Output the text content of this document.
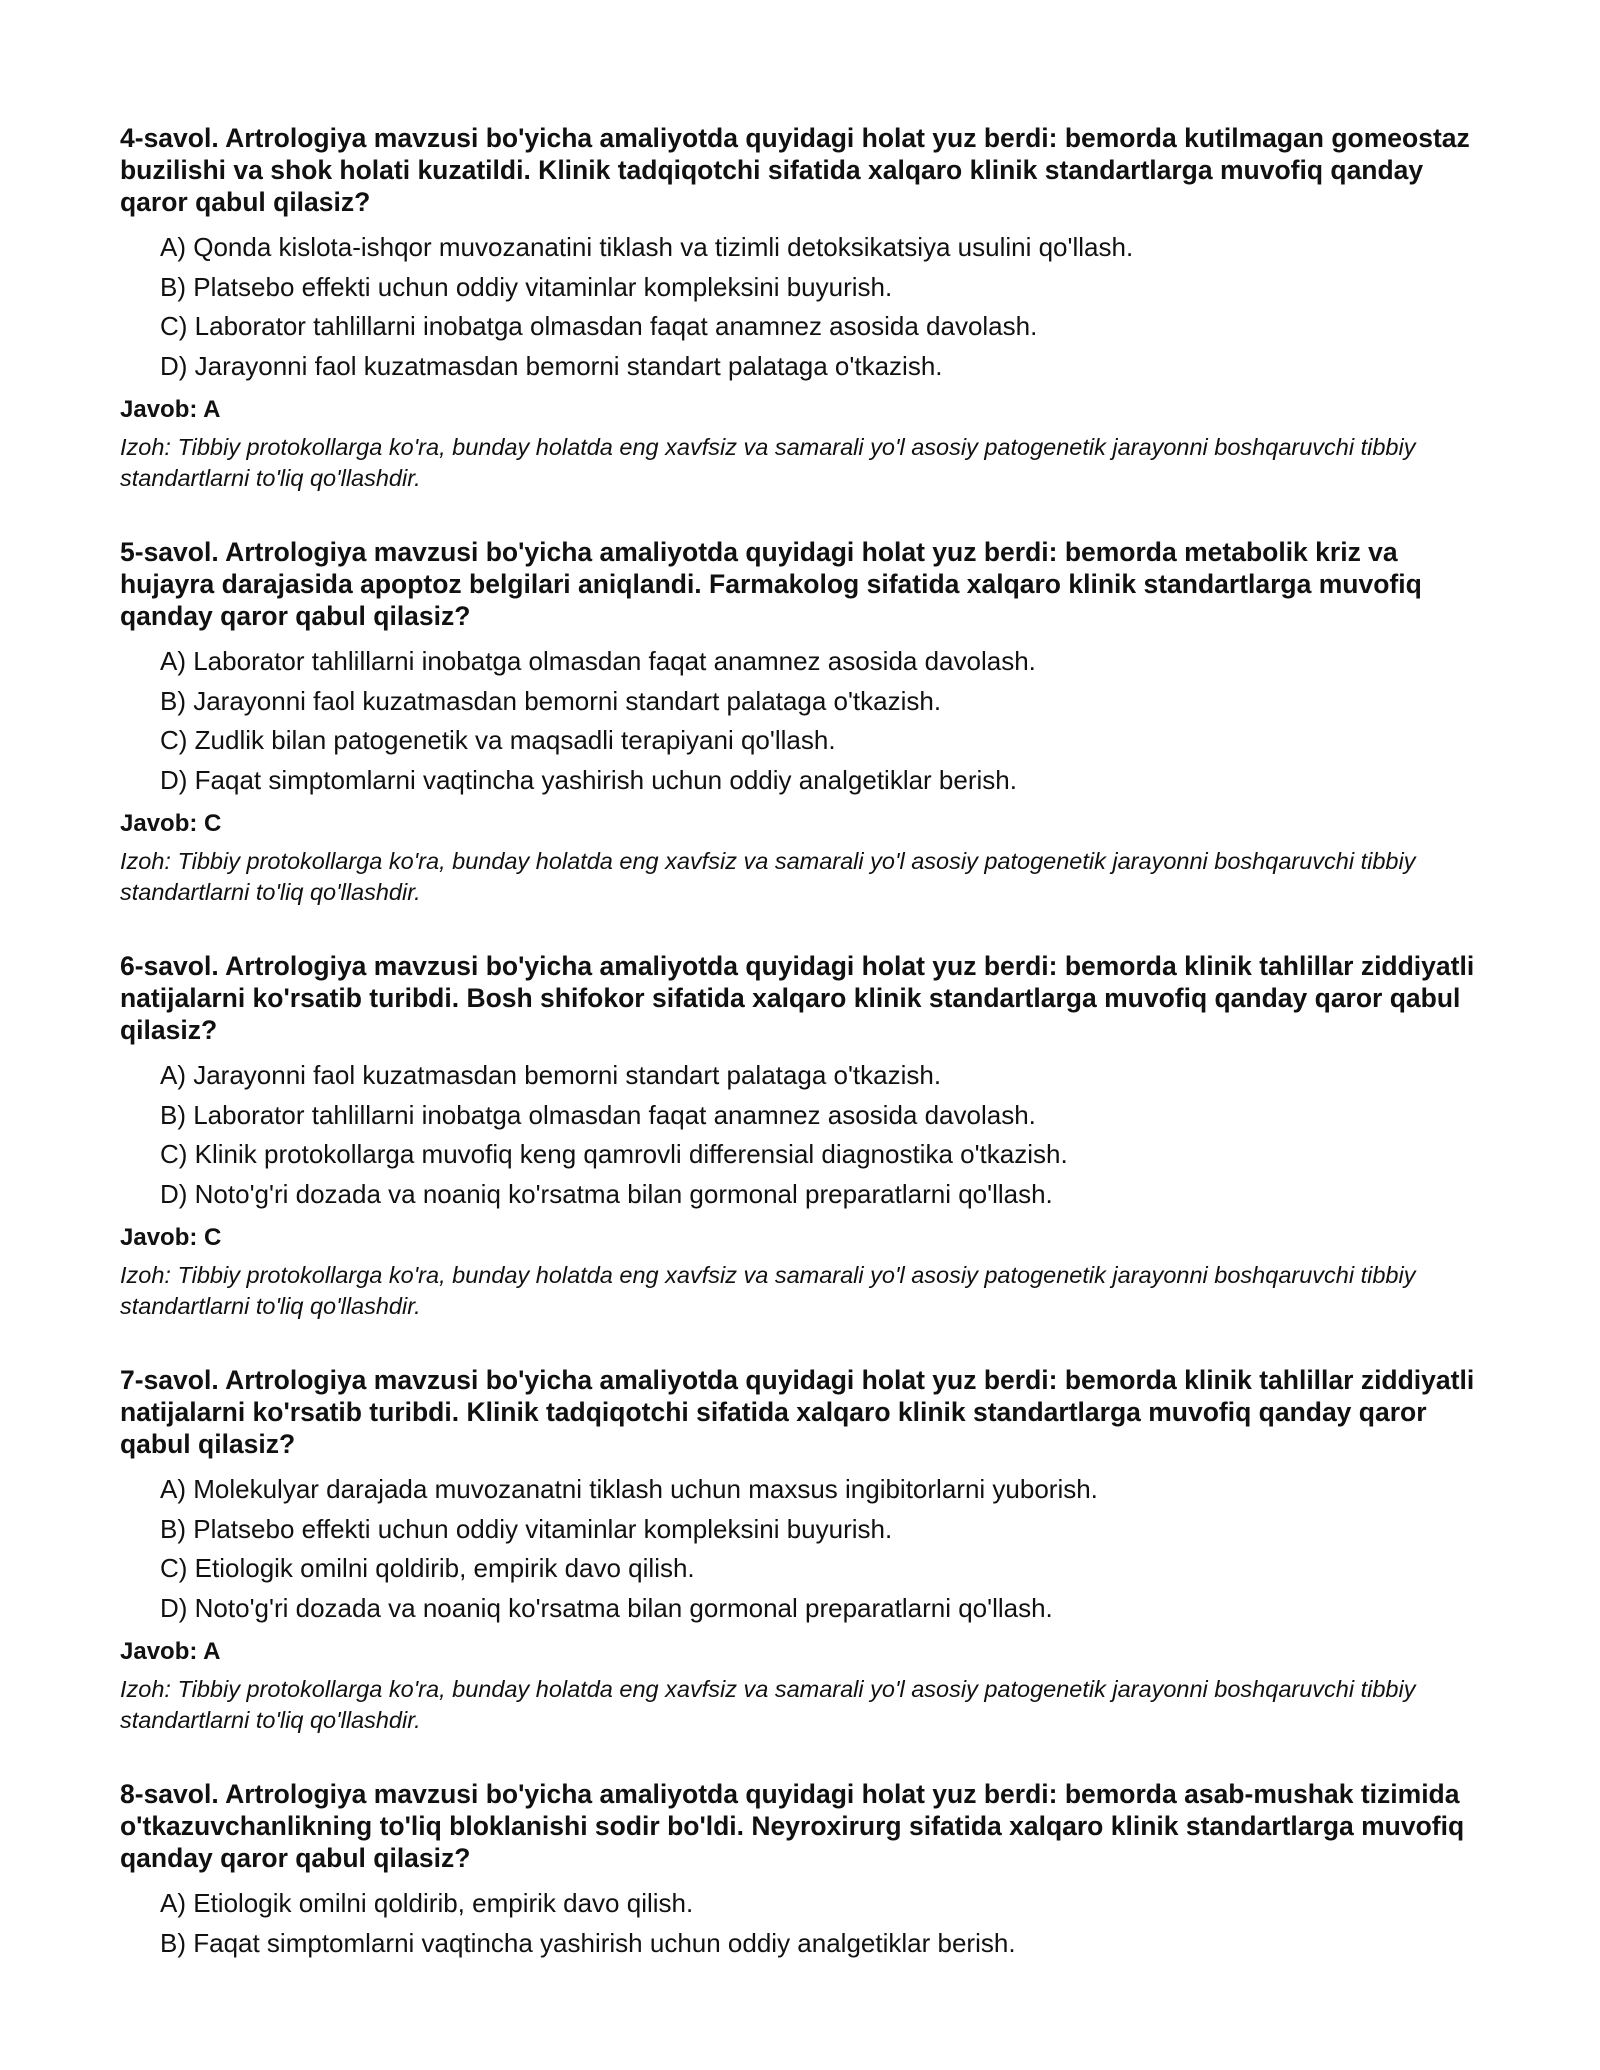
4-savol. Artrologiya mavzusi bo'yicha amaliyotda quyidagi holat yuz berdi: bemorda kutilmagan gomeostaz buzilishi va shok holati kuzatildi. Klinik tadqiqotchi sifatida xalqaro klinik standartlarga muvofiq qanday qaror qabul qilasiz?
A) Qonda kislota-ishqor muvozanatini tiklash va tizimli detoksikatsiya usulini qo'llash.
B) Platsebo effekti uchun oddiy vitaminlar kompleksini buyurish.
C) Laborator tahlillarni inobatga olmasdan faqat anamnez asosida davolash.
D) Jarayonni faol kuzatmasdan bemorni standart palataga o'tkazish.
Javob: A
Izoh: Tibbiy protokollarga ko'ra, bunday holatda eng xavfsiz va samarali yo'l asosiy patogenetik jarayonni boshqaruvchi tibbiy standartlarni to'liq qo'llashdir.
5-savol. Artrologiya mavzusi bo'yicha amaliyotda quyidagi holat yuz berdi: bemorda metabolik kriz va hujayra darajasida apoptoz belgilari aniqlandi. Farmakolog sifatida xalqaro klinik standartlarga muvofiq qanday qaror qabul qilasiz?
A) Laborator tahlillarni inobatga olmasdan faqat anamnez asosida davolash.
B) Jarayonni faol kuzatmasdan bemorni standart palataga o'tkazish.
C) Zudlik bilan patogenetik va maqsadli terapiyani qo'llash.
D) Faqat simptomlarni vaqtincha yashirish uchun oddiy analgetiklar berish.
Javob: C
Izoh: Tibbiy protokollarga ko'ra, bunday holatda eng xavfsiz va samarali yo'l asosiy patogenetik jarayonni boshqaruvchi tibbiy standartlarni to'liq qo'llashdir.
6-savol. Artrologiya mavzusi bo'yicha amaliyotda quyidagi holat yuz berdi: bemorda klinik tahlillar ziddiyatli natijalarni ko'rsatib turibdi. Bosh shifokor sifatida xalqaro klinik standartlarga muvofiq qanday qaror qabul qilasiz?
A) Jarayonni faol kuzatmasdan bemorni standart palataga o'tkazish.
B) Laborator tahlillarni inobatga olmasdan faqat anamnez asosida davolash.
C) Klinik protokollarga muvofiq keng qamrovli differensial diagnostika o'tkazish.
D) Noto'g'ri dozada va noaniq ko'rsatma bilan gormonal preparatlarni qo'llash.
Javob: C
Izoh: Tibbiy protokollarga ko'ra, bunday holatda eng xavfsiz va samarali yo'l asosiy patogenetik jarayonni boshqaruvchi tibbiy standartlarni to'liq qo'llashdir.
7-savol. Artrologiya mavzusi bo'yicha amaliyotda quyidagi holat yuz berdi: bemorda klinik tahlillar ziddiyatli natijalarni ko'rsatib turibdi. Klinik tadqiqotchi sifatida xalqaro klinik standartlarga muvofiq qanday qaror qabul qilasiz?
A) Molekulyar darajada muvozanatni tiklash uchun maxsus ingibitorlarni yuborish.
B) Platsebo effekti uchun oddiy vitaminlar kompleksini buyurish.
C) Etiologik omilni qoldirib, empirik davo qilish.
D) Noto'g'ri dozada va noaniq ko'rsatma bilan gormonal preparatlarni qo'llash.
Javob: A
Izoh: Tibbiy protokollarga ko'ra, bunday holatda eng xavfsiz va samarali yo'l asosiy patogenetik jarayonni boshqaruvchi tibbiy standartlarni to'liq qo'llashdir.
8-savol. Artrologiya mavzusi bo'yicha amaliyotda quyidagi holat yuz berdi: bemorda asab-mushak tizimida o'tkazuvchanlikning to'liq bloklanishi sodir bo'ldi. Neyroxirurg sifatida xalqaro klinik standartlarga muvofiq qanday qaror qabul qilasiz?
A) Etiologik omilni qoldirib, empirik davo qilish.
B) Faqat simptomlarni vaqtincha yashirish uchun oddiy analgetiklar berish.
